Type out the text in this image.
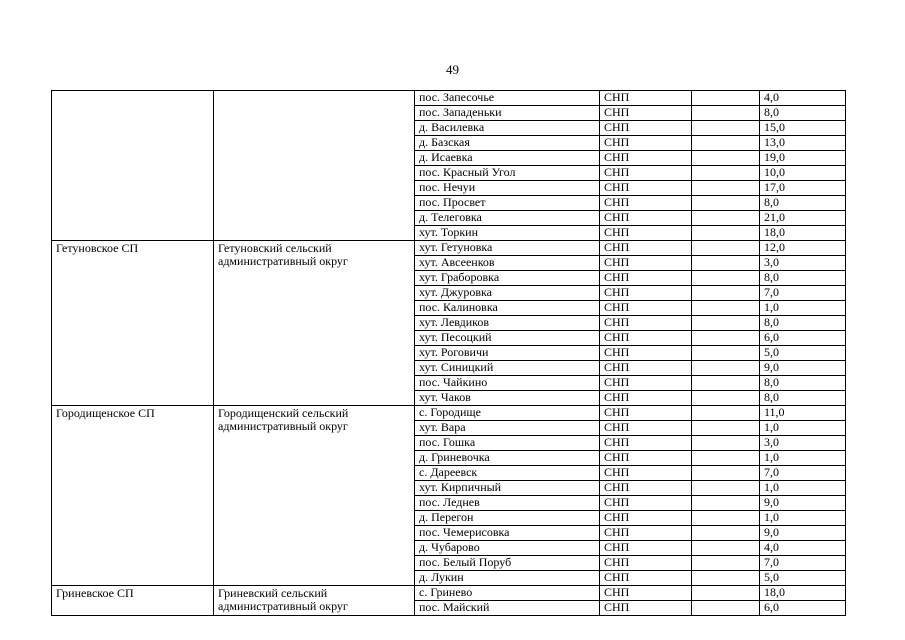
49
		пос. Запесочье	СНП		4,0
		пос. Западеньки	СНП		8,0
		д. Василевка	СНП		15,0
		д. Базская	СНП		13,0
		д. Исаевка	СНП		19,0
		пос. Красный Угол	СНП		10,0
		пос. Нечуи	СНП		17,0
		пос. Просвет	СНП		8,0
		д. Телеговка	СНП		21,0
		хут. Торкин	СНП		18,0
Гетуновское СП	Гетуновский сельский административный округ	хут. Гетуновка	СНП		12,0
		хут. Авсеенков	СНП		3,0
		хут. Граборовка	СНП		8,0
		хут. Джуровка	СНП		7,0
		пос. Калиновка	СНП		1,0
		хут. Левдиков	СНП		8,0
		хут. Песоцкий	СНП		6,0
		хут. Роговичи	СНП		5,0
		хут. Синицкий	СНП		9,0
		пос. Чайкино	СНП		8,0
		хут. Чаков	СНП		8,0
Городищенское СП	Городищенский сельский административный округ	с. Городище	СНП		11,0
		хут. Вара	СНП		1,0
		пос. Гошка	СНП		3,0
		д. Гриневочка	СНП		1,0
		с. Дареевск	СНП		7,0
		хут. Кирпичный	СНП		1,0
		пос. Леднев	СНП		9,0
		д. Перегон	СНП		1,0
		пос. Чемерисовка	СНП		9,0
		д. Чубарово	СНП		4,0
		пос. Белый Поруб	СНП		7,0
		д. Лукин	СНП		5,0
Гриневское СП	Гриневский сельский административный округ	с. Гринево	СНП		18,0
		пос. Майский	СНП		6,0
